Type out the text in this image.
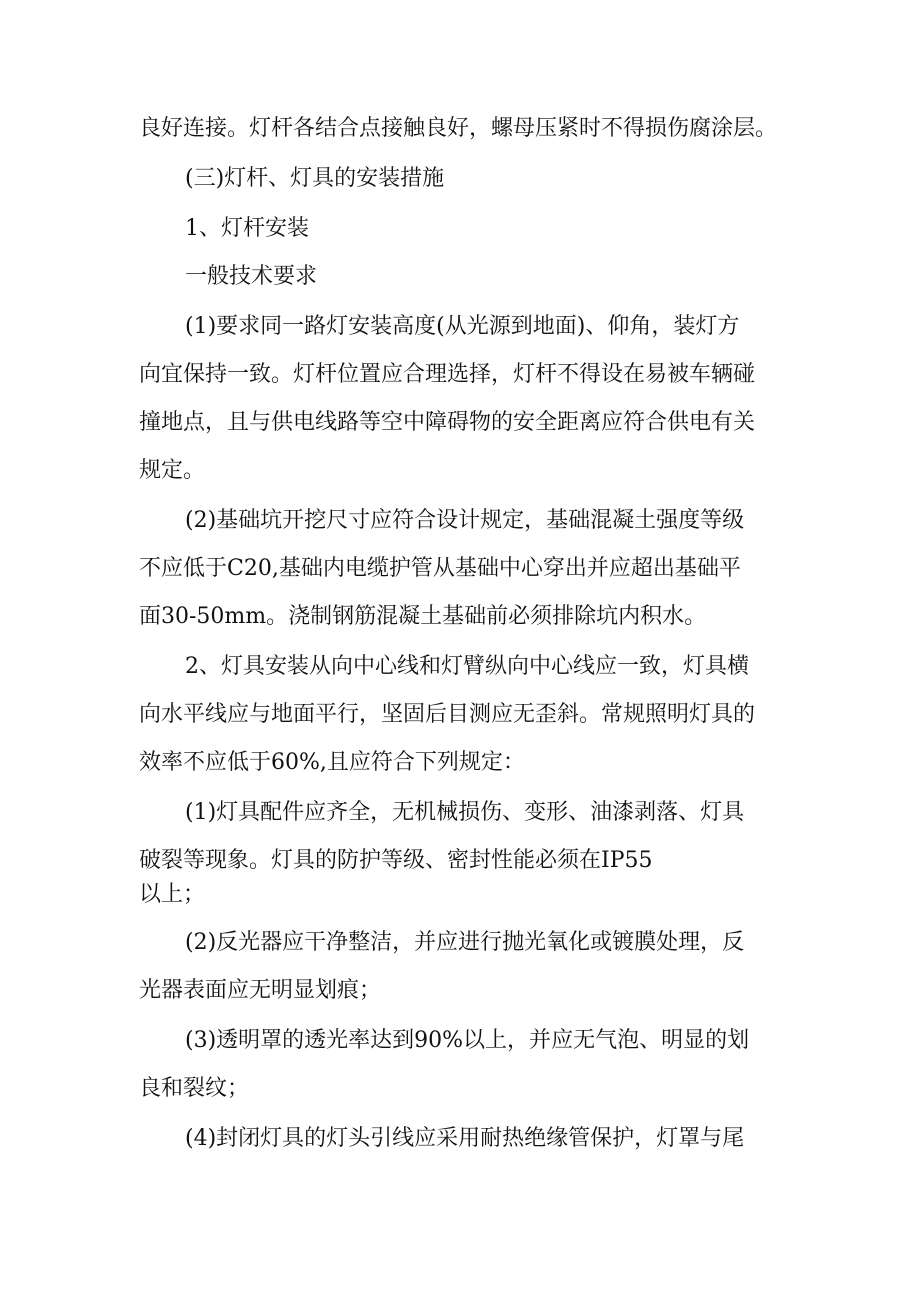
良好连接。灯杆各结合点接触良好，螺母压紧时不得损伤腐涂层。
(三)灯杆、灯具的安装措施
1、灯杆安装
一般技术要求
(1)要求同一路灯安装高度(从光源到地面)、仰角，装灯方
向宜保持一致。灯杆位置应合理选择，灯杆不得设在易被车辆碰
撞地点，且与供电线路等空中障碍物的安全距离应符合供电有关
规定。
(2)基础坑开挖尺寸应符合设计规定，基础混凝土强度等级
不应低于C20,基础内电缆护管从基础中心穿出并应超出基础平
面30-50mm。浇制钢筋混凝土基础前必须排除坑内积水。
2、灯具安装从向中心线和灯臂纵向中心线应一致，灯具横
向水平线应与地面平行，坚固后目测应无歪斜。常规照明灯具的
效率不应低于60%,且应符合下列规定：
(1)灯具配件应齐全，无机械损伤、变形、油漆剥落、灯具
破裂等现象。灯具的防护等级、密封性能必须在IP55
以上；
(2)反光器应干净整洁，并应进行抛光氧化或镀膜处理，反
光器表面应无明显划痕；
(3)透明罩的透光率达到90%以上，并应无气泡、明显的划
良和裂纹；
(4)封闭灯具的灯头引线应采用耐热绝缘管保护，灯罩与尾
